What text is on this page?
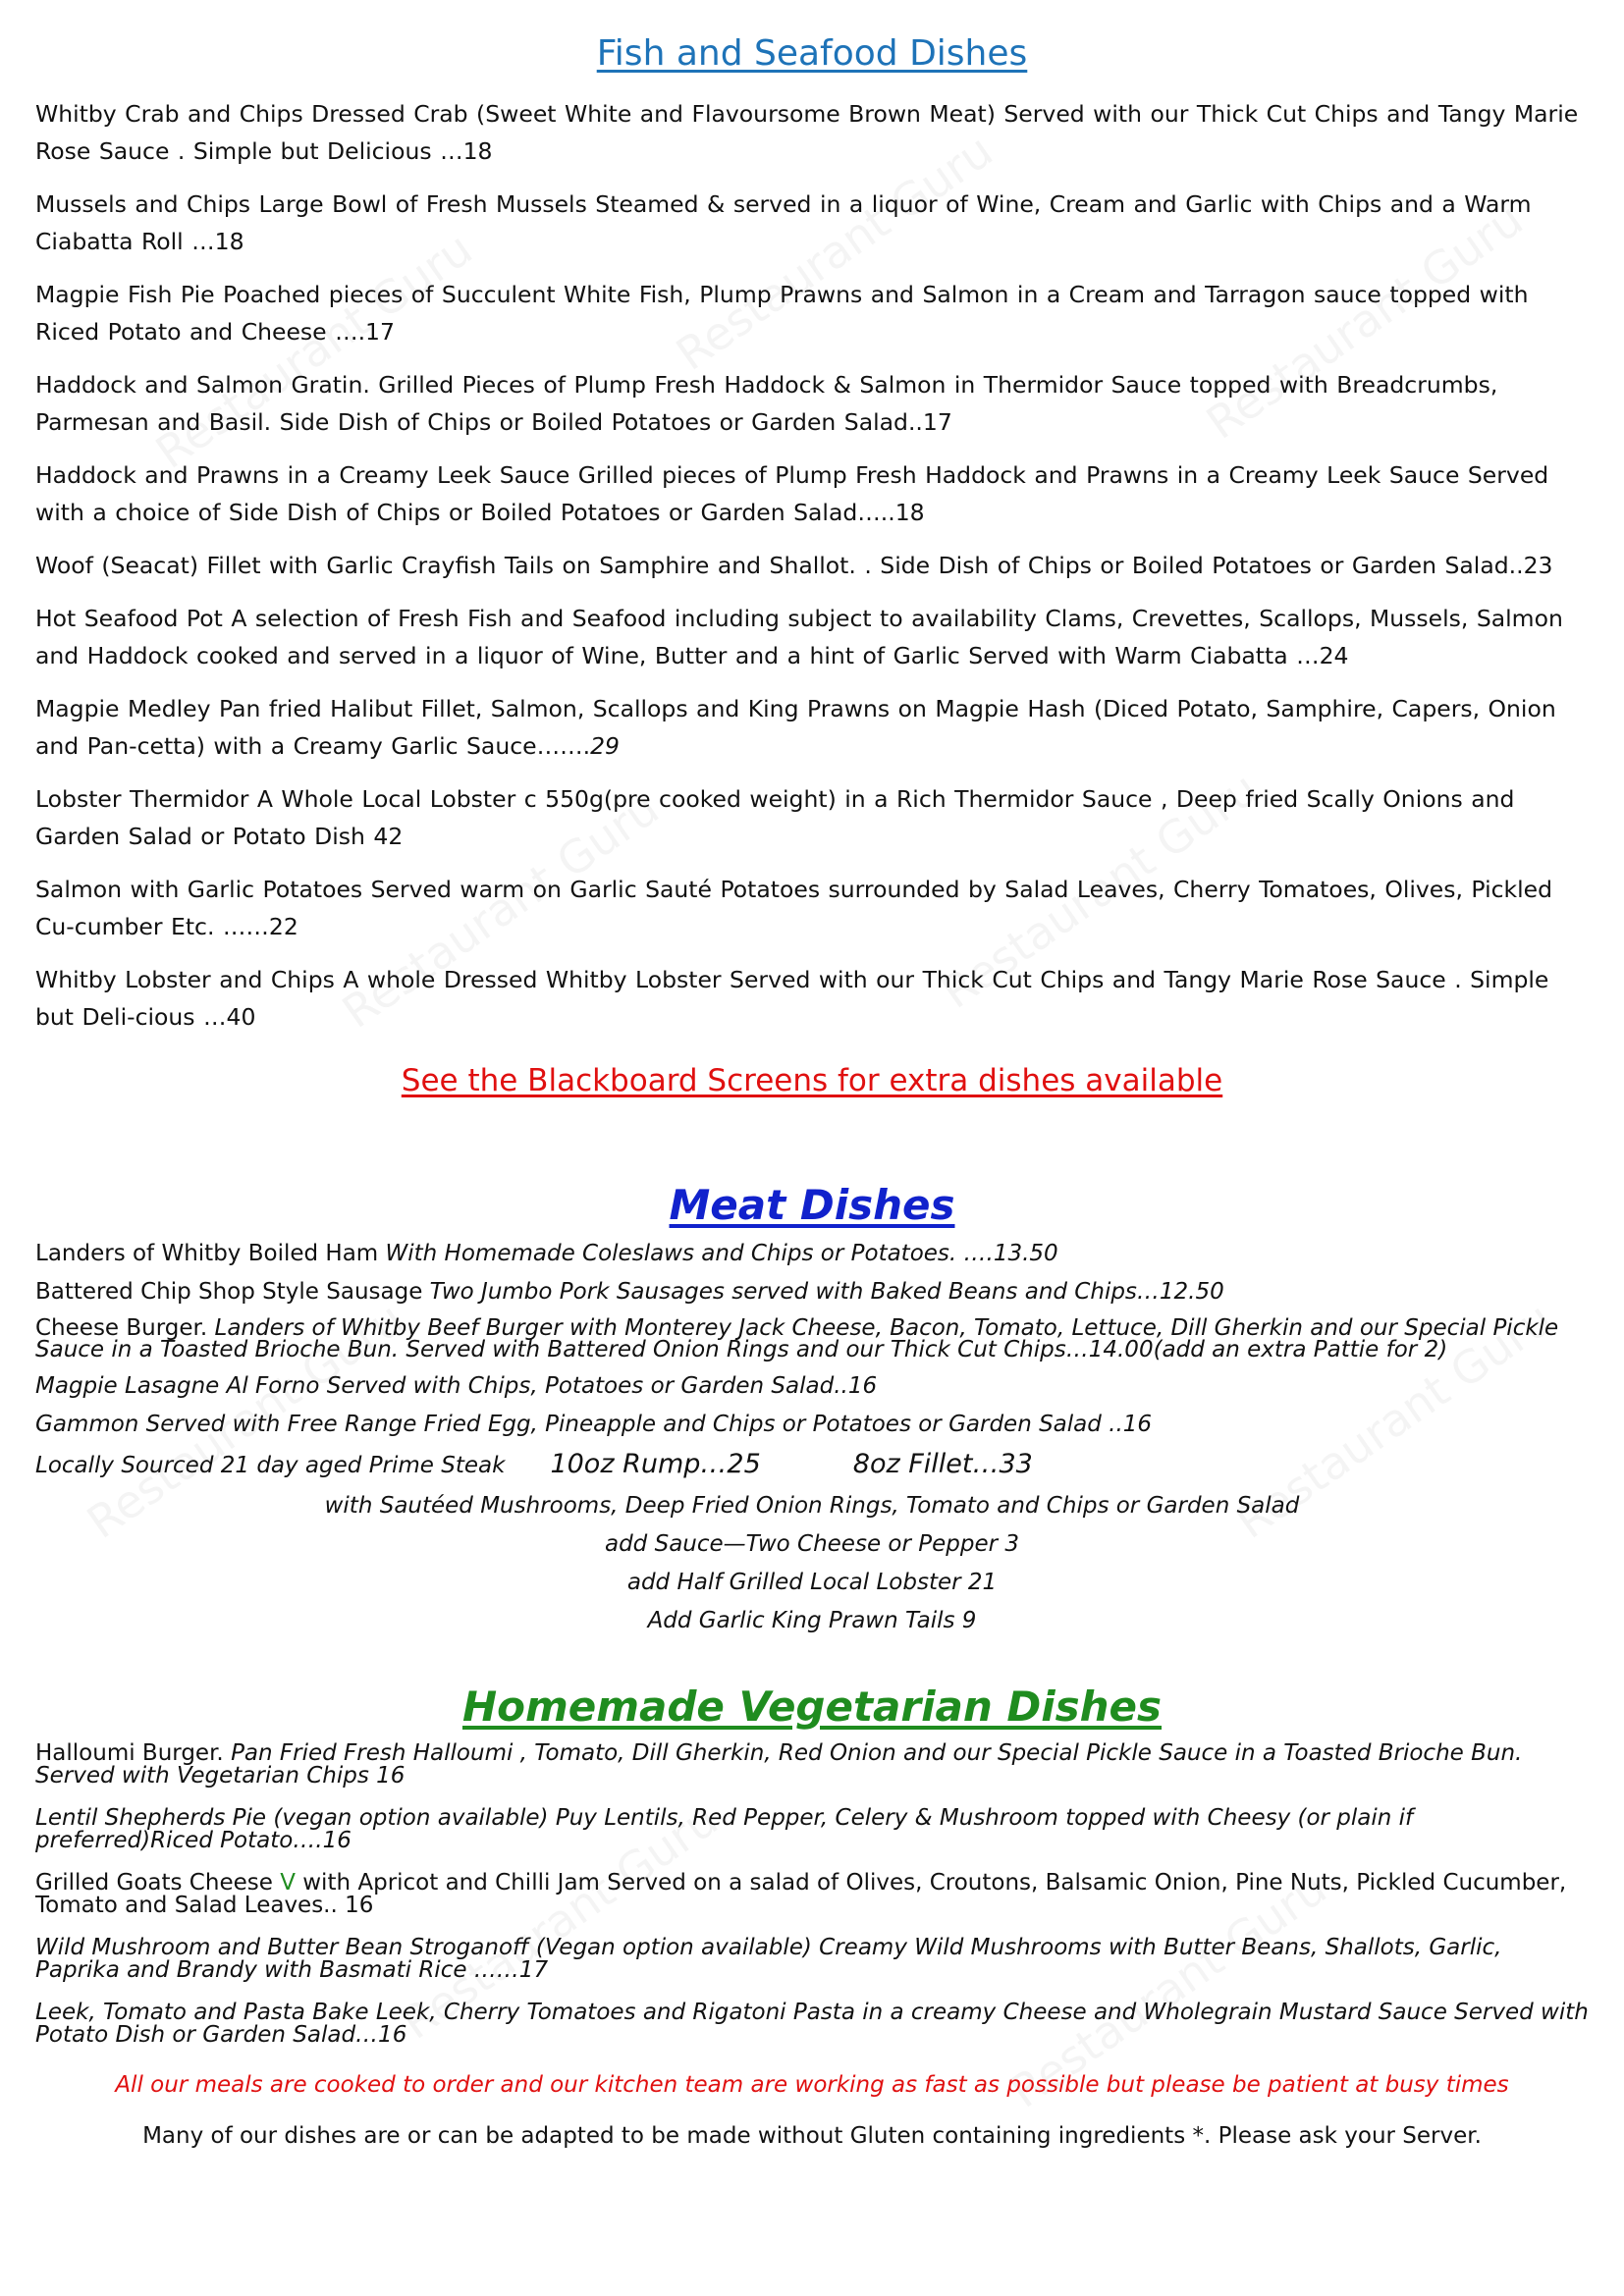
Fish and Seafood Dishes

Whitby Crab and Chips Dressed Crab (Sweet White and Flavoursome Brown Meat) Served with our Thick Cut Chips and Tangy Marie Rose Sauce . Simple but Delicious …18

Mussels and Chips Large Bowl of Fresh Mussels Steamed & served in a liquor of Wine, Cream and Garlic with Chips and a Warm Ciabatta Roll …18

Magpie Fish Pie Poached pieces of Succulent White Fish, Plump Prawns and Salmon in a Cream and Tarragon sauce topped with Riced Potato and Cheese ….17

Haddock and Salmon Gratin. Grilled Pieces of Plump Fresh Haddock & Salmon in Thermidor Sauce topped with Breadcrumbs, Parmesan and Basil. Side Dish of Chips or Boiled Potatoes or Garden Salad..17

Haddock and Prawns in a Creamy Leek Sauce Grilled pieces of Plump Fresh Haddock and Prawns in a Creamy Leek Sauce Served with a choice of Side Dish of Chips or Boiled Potatoes or Garden Salad…..18

Woof (Seacat) Fillet with Garlic Crayfish Tails on Samphire and Shallot. . Side Dish of Chips or Boiled Potatoes or Garden Salad..23

Hot Seafood Pot A selection of Fresh Fish and Seafood including subject to availability Clams, Crevettes, Scallops, Mussels, Salmon and Haddock cooked and served in a liquor of Wine, Butter and a hint of Garlic Served with Warm Ciabatta …24

Magpie Medley Pan fried Halibut Fillet, Salmon, Scallops and King Prawns on Magpie Hash (Diced Potato, Samphire, Capers, Onion and Pan-cetta) with a Creamy Garlic Sauce…….29

Lobster Thermidor A Whole Local Lobster c 550g(pre cooked weight) in a Rich Thermidor Sauce , Deep fried Scally Onions and Garden Salad or Potato Dish 42

Salmon with Garlic Potatoes Served warm on Garlic Sauté Potatoes surrounded by Salad Leaves, Cherry Tomatoes, Olives, Pickled Cu-cumber Etc. ……22

Whitby Lobster and Chips A whole Dressed Whitby Lobster Served with our Thick Cut Chips and Tangy Marie Rose Sauce . Simple but Deli-cious …40

See the Blackboard Screens for extra dishes available

Meat Dishes

Landers of Whitby Boiled Ham With Homemade Coleslaws and Chips or Potatoes. ….13.50

Battered Chip Shop Style Sausage Two Jumbo Pork Sausages served with Baked Beans and Chips…12.50

Cheese Burger. Landers of Whitby Beef Burger with Monterey Jack Cheese, Bacon, Tomato, Lettuce, Dill Gherkin and our Special Pickle Sauce in a Toasted Brioche Bun. Served with Battered Onion Rings and our Thick Cut Chips…14.00(add an extra Pattie for 2)

Magpie Lasagne Al Forno Served with Chips, Potatoes or Garden Salad..16

Gammon Served with Free Range Fried Egg, Pineapple and Chips or Potatoes or Garden Salad ..16

Locally Sourced 21 day aged Prime Steak 10oz Rump…25	8oz Fillet…33

with Sautéed Mushrooms, Deep Fried Onion Rings, Tomato and Chips or Garden Salad

add Sauce—Two Cheese or Pepper 3

add Half Grilled Local Lobster 21

Add Garlic King Prawn Tails 9

Homemade Vegetarian Dishes

Halloumi Burger. Pan Fried Fresh Halloumi , Tomato, Dill Gherkin, Red Onion and our Special Pickle Sauce in a Toasted Brioche Bun. Served with Vegetarian Chips 16

Lentil Shepherds Pie (vegan option available) Puy Lentils, Red Pepper, Celery & Mushroom topped with Cheesy (or plain if preferred)Riced Potato….16

Grilled Goats Cheese V with Apricot and Chilli Jam Served on a salad of Olives, Croutons, Balsamic Onion, Pine Nuts, Pickled Cucumber, Tomato and Salad Leaves.. 16

Wild Mushroom and Butter Bean Stroganoff (Vegan option available) Creamy Wild Mushrooms with Butter Beans, Shallots, Garlic, Paprika and Brandy with Basmati Rice ……17

Leek, Tomato and Pasta Bake Leek, Cherry Tomatoes and Rigatoni Pasta in a creamy Cheese and Wholegrain Mustard Sauce Served with Potato Dish or Garden Salad…16

All our meals are cooked to order and our kitchen team are working as fast as possible but please be patient at busy times

Many of our dishes are or can be adapted to be made without Gluten containing ingredients *. Please ask your Server.
